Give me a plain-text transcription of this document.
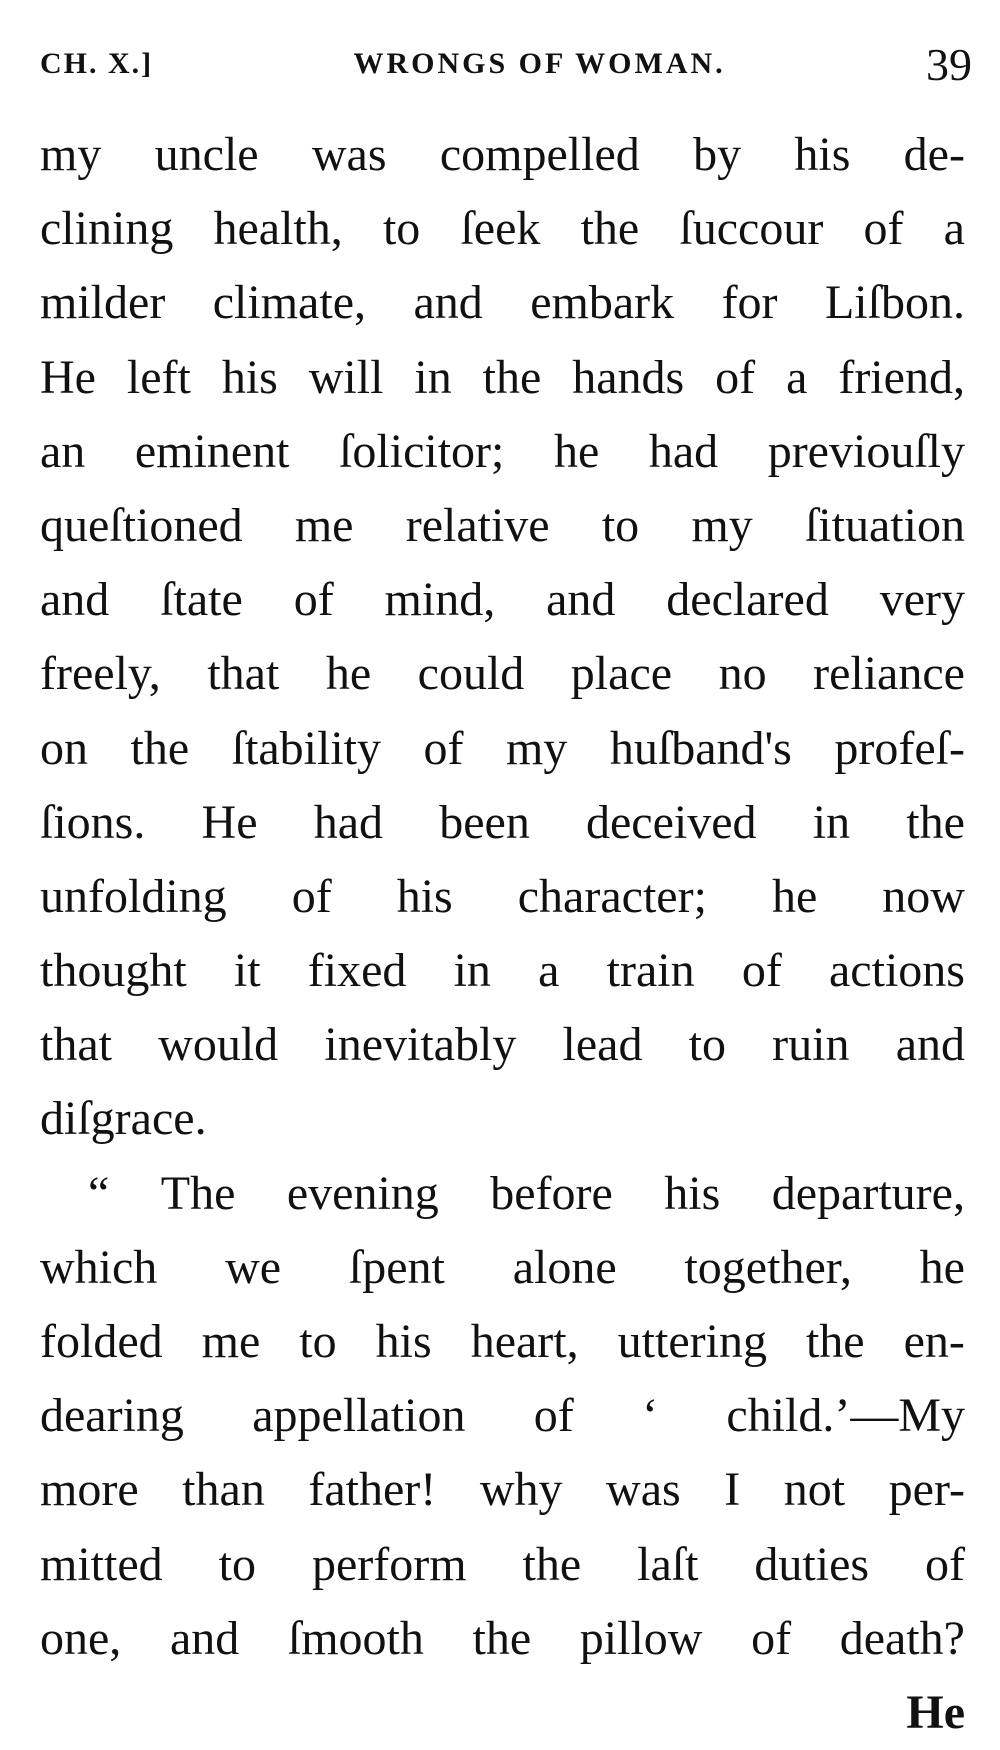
CH. X.]	WRONGS OF WOMAN.	39
my uncle was compelled by his de-
clining health, to ſeek the ſuccour of a
milder climate, and embark for Liſbon.
He left his will in the hands of a friend,
an eminent ſolicitor; he had previouſly
queſtioned me relative to my ſituation
and ſtate of mind, and declared very
freely, that he could place no reliance
on the ſtability of my huſband's profeſ-
ſions. He had been deceived in the
unfolding of his character; he now
thought it fixed in a train of actions
that would inevitably lead to ruin and
diſgrace.
“ The evening before his departure,
which we ſpent alone together, he
folded me to his heart, uttering the en-
dearing appellation of ‘ child.’—My
more than father! why was I not per-
mitted to perform the laſt duties of
one, and ſmooth the pillow of death?
He
